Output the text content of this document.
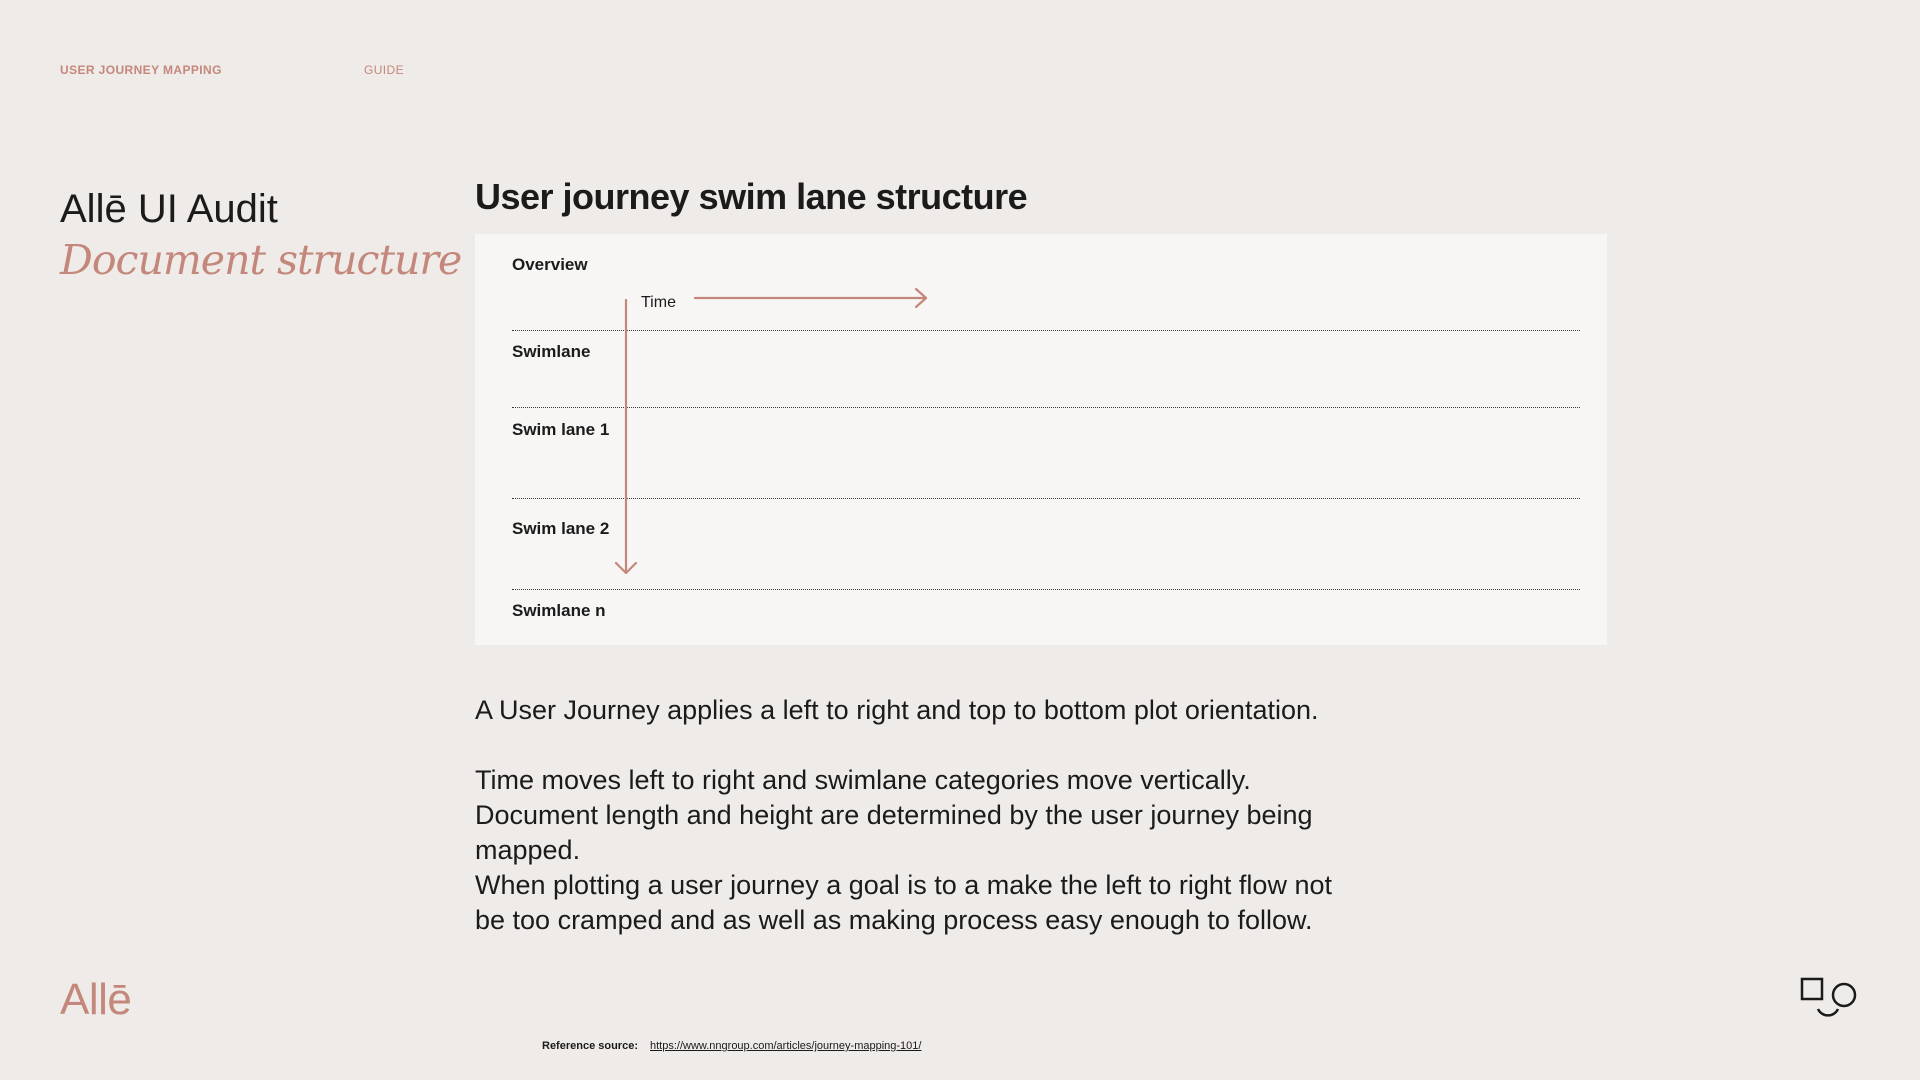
USER JOURNEY MAPPING	GUIDE
Allē UI Audit
Document structure
User journey swim lane structure
Overview
Swimlane
Swim lane 1
Swim lane 2
Swimlane n
Time

A User Journey applies a left to right and top to bottom plot orientation.

Time moves left to right and swimlane categories move vertically. Document length and height are determined by the user journey being mapped.

When plotting a user journey a goal is to a make the left to right flow not be too cramped and as well as making process easy enough to follow.

Reference source: https://www.nngroup.com/articles/journey-mapping-101/
Allē
